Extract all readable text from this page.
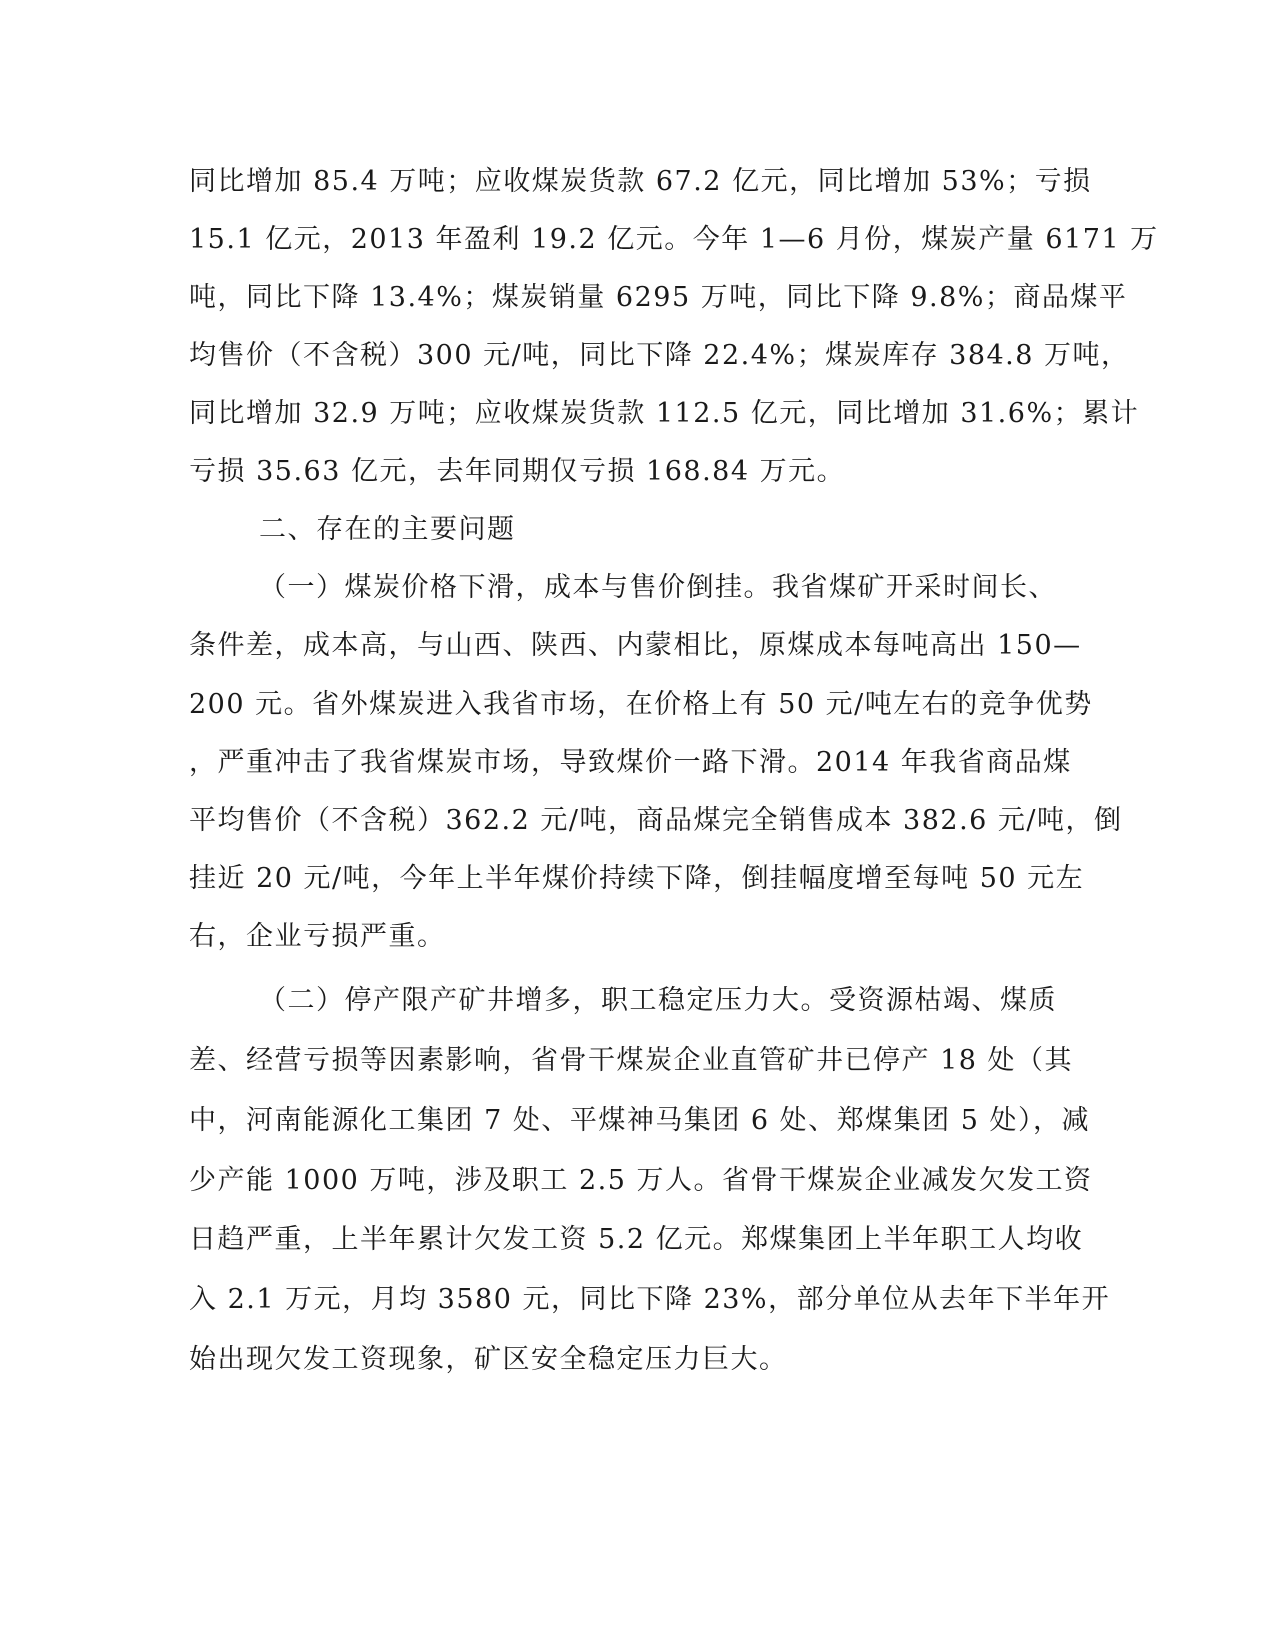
同比增加 85.4 万吨；应收煤炭货款 67.2 亿元，同比增加 53%；亏损
15.1 亿元，2013 年盈利 19.2 亿元。今年 1—6 月份，煤炭产量 6171 万
吨，同比下降 13.4%；煤炭销量 6295 万吨，同比下降 9.8%；商品煤平
均售价（不含税）300 元/吨，同比下降 22.4%；煤炭库存 384.8 万吨，
同比增加 32.9 万吨；应收煤炭货款 112.5 亿元，同比增加 31.6%；累计
亏损 35.63 亿元，去年同期仅亏损 168.84 万元。
二、存在的主要问题
（一）煤炭价格下滑，成本与售价倒挂。我省煤矿开采时间长、
条件差，成本高，与山西、陕西、内蒙相比，原煤成本每吨高出 150—
200 元。省外煤炭进入我省市场，在价格上有 50 元/吨左右的竞争优势
，严重冲击了我省煤炭市场，导致煤价一路下滑。2014 年我省商品煤
平均售价（不含税）362.2 元/吨，商品煤完全销售成本 382.6 元/吨，倒
挂近 20 元/吨，今年上半年煤价持续下降，倒挂幅度增至每吨 50 元左
右，企业亏损严重。
（二）停产限产矿井增多，职工稳定压力大。受资源枯竭、煤质
差、经营亏损等因素影响，省骨干煤炭企业直管矿井已停产 18 处（其
中，河南能源化工集团 7 处、平煤神马集团 6 处、郑煤集团 5 处），减
少产能 1000 万吨，涉及职工 2.5 万人。省骨干煤炭企业减发欠发工资
日趋严重，上半年累计欠发工资 5.2 亿元。郑煤集团上半年职工人均收
入 2.1 万元，月均 3580 元，同比下降 23%，部分单位从去年下半年开
始出现欠发工资现象，矿区安全稳定压力巨大。
